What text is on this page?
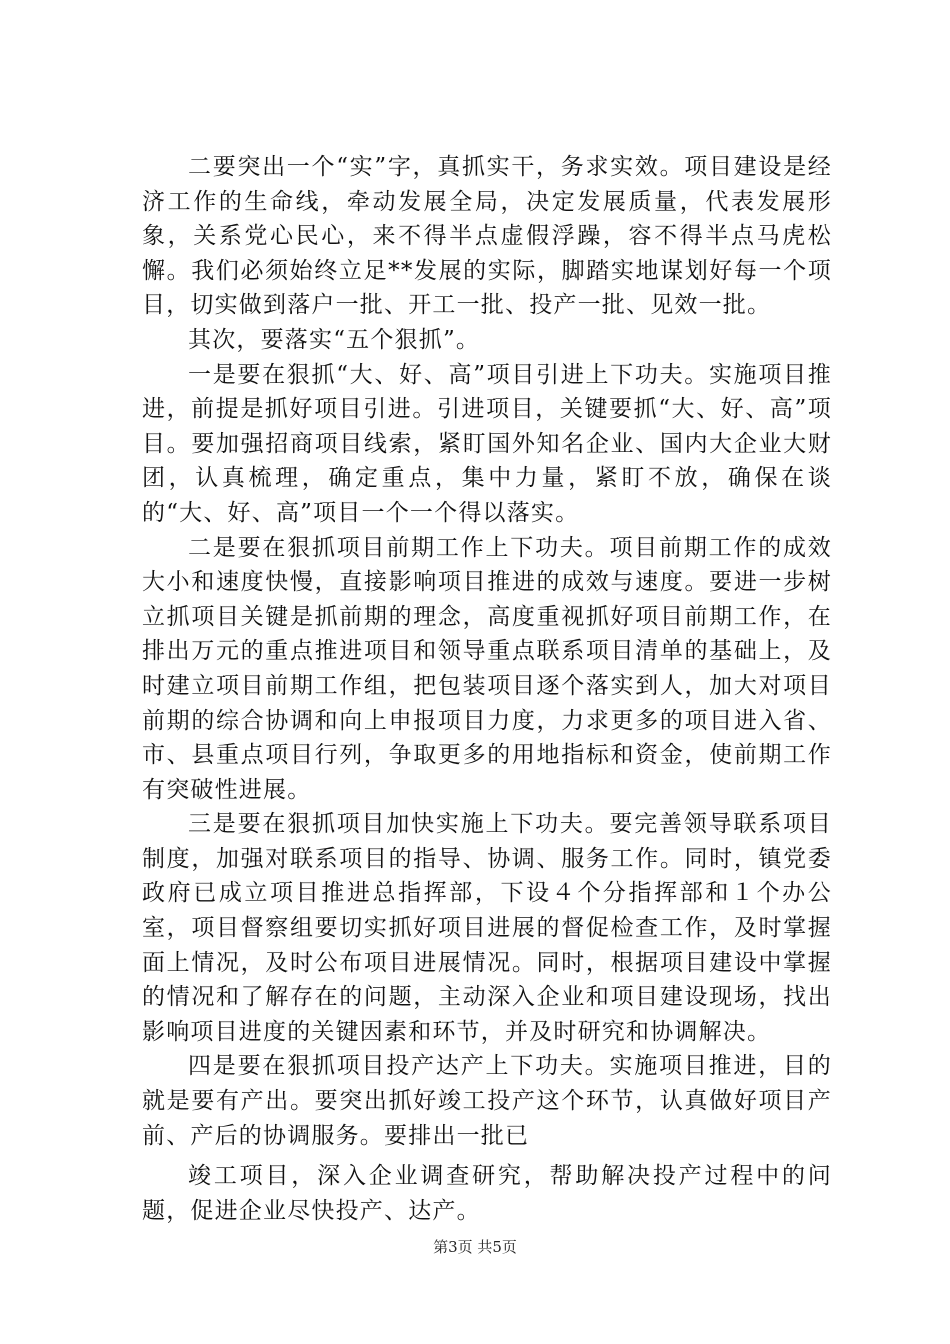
二要突出一个“实”字，真抓实干，务求实效。项目建设是经济工作的生命线，牵动发展全局，决定发展质量，代表发展形象，关系党心民心，来不得半点虚假浮躁，容不得半点马虎松懈。我们必须始终立足**发展的实际，脚踏实地谋划好每一个项目，切实做到落户一批、开工一批、投产一批、见效一批。

其次，要落实“五个狠抓”。

一是要在狠抓“大、好、高”项目引进上下功夫。实施项目推进，前提是抓好项目引进。引进项目，关键要抓“大、好、高”项目。要加强招商项目线索，紧盯国外知名企业、国内大企业大财团，认真梳理，确定重点，集中力量，紧盯不放，确保在谈的“大、好、高”项目一个一个得以落实。

二是要在狠抓项目前期工作上下功夫。项目前期工作的成效大小和速度快慢，直接影响项目推进的成效与速度。要进一步树立抓项目关键是抓前期的理念，高度重视抓好项目前期工作，在排出万元的重点推进项目和领导重点联系项目清单的基础上，及时建立项目前期工作组，把包装项目逐个落实到人，加大对项目前期的综合协调和向上申报项目力度，力求更多的项目进入省、市、县重点项目行列，争取更多的用地指标和资金，使前期工作有突破性进展。

三是要在狠抓项目加快实施上下功夫。要完善领导联系项目制度，加强对联系项目的指导、协调、服务工作。同时，镇党委政府已成立项目推进总指挥部，下设４个分指挥部和１个办公室，项目督察组要切实抓好项目进展的督促检查工作，及时掌握面上情况，及时公布项目进展情况。同时，根据项目建设中掌握的情况和了解存在的问题，主动深入企业和项目建设现场，找出影响项目进度的关键因素和环节，并及时研究和协调解决。

四是要在狠抓项目投产达产上下功夫。实施项目推进，目的就是要有产出。要突出抓好竣工投产这个环节，认真做好项目产前、产后的协调服务。要排出一批已

竣工项目，深入企业调查研究，帮助解决投产过程中的问题，促进企业尽快投产、达产。

第3页 共5页
